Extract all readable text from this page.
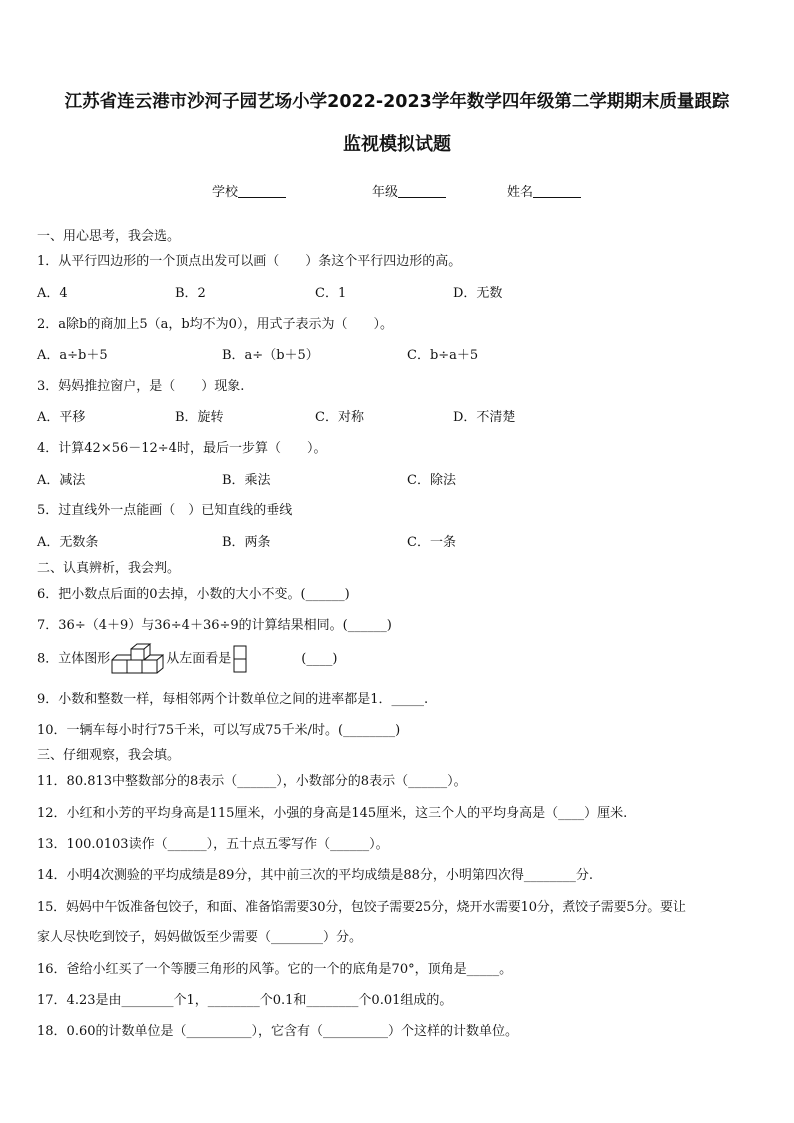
江苏省连云港市沙河子园艺场小学2022-2023学年数学四年级第二学期期末质量跟踪
监视模拟试题
学校	年级	姓名
一、用心思考，我会选。
1．从平行四边形的一个顶点出发可以画（　　）条这个平行四边形的高。
A．4	B．2	C．1	D．无数
2．a除b的商加上5（a，b均不为0），用式子表示为（　　）。
A．a÷b＋5	B．a÷（b＋5）	C．b÷a＋5
3．妈妈推拉窗户，是（　　）现象.
A．平移	B．旋转	C．对称	D．不清楚
4．计算42×56－12÷4时，最后一步算（　　）。
A．减法	B．乘法	C．除法
5．过直线外一点能画（　）已知直线的垂线
A．无数条	B．两条	C．一条
二、认真辨析，我会判。
6．把小数点后面的0去掉，小数的大小不变。(______)
7．36÷（4＋9）与36÷4＋36÷9的计算结果相同。(______)
8．立体图形	从左面看是	(____)
9．小数和整数一样，每相邻两个计数单位之间的进率都是1．_____.
10．一辆车每小时行75千米，可以写成75千米/时。(________)
三、仔细观察，我会填。
11．80.813中整数部分的8表示（______），小数部分的8表示（______）。
12．小红和小芳的平均身高是115厘米，小强的身高是145厘米，这三个人的平均身高是（____）厘米.
13．100.0103读作（______），五十点五零写作（______）。
14．小明4次测验的平均成绩是89分，其中前三次的平均成绩是88分，小明第四次得________分.
15．妈妈中午饭准备包饺子，和面、准备馅需要30分，包饺子需要25分，烧开水需要10分，煮饺子需要5分。要让
家人尽快吃到饺子，妈妈做饭至少需要（________）分。
16．爸给小红买了一个等腰三角形的风筝。它的一个的底角是70°，顶角是_____。
17．4.23是由________个1，________个0.1和________个0.01组成的。
18．0.60的计数单位是（__________），它含有（__________）个这样的计数单位。
